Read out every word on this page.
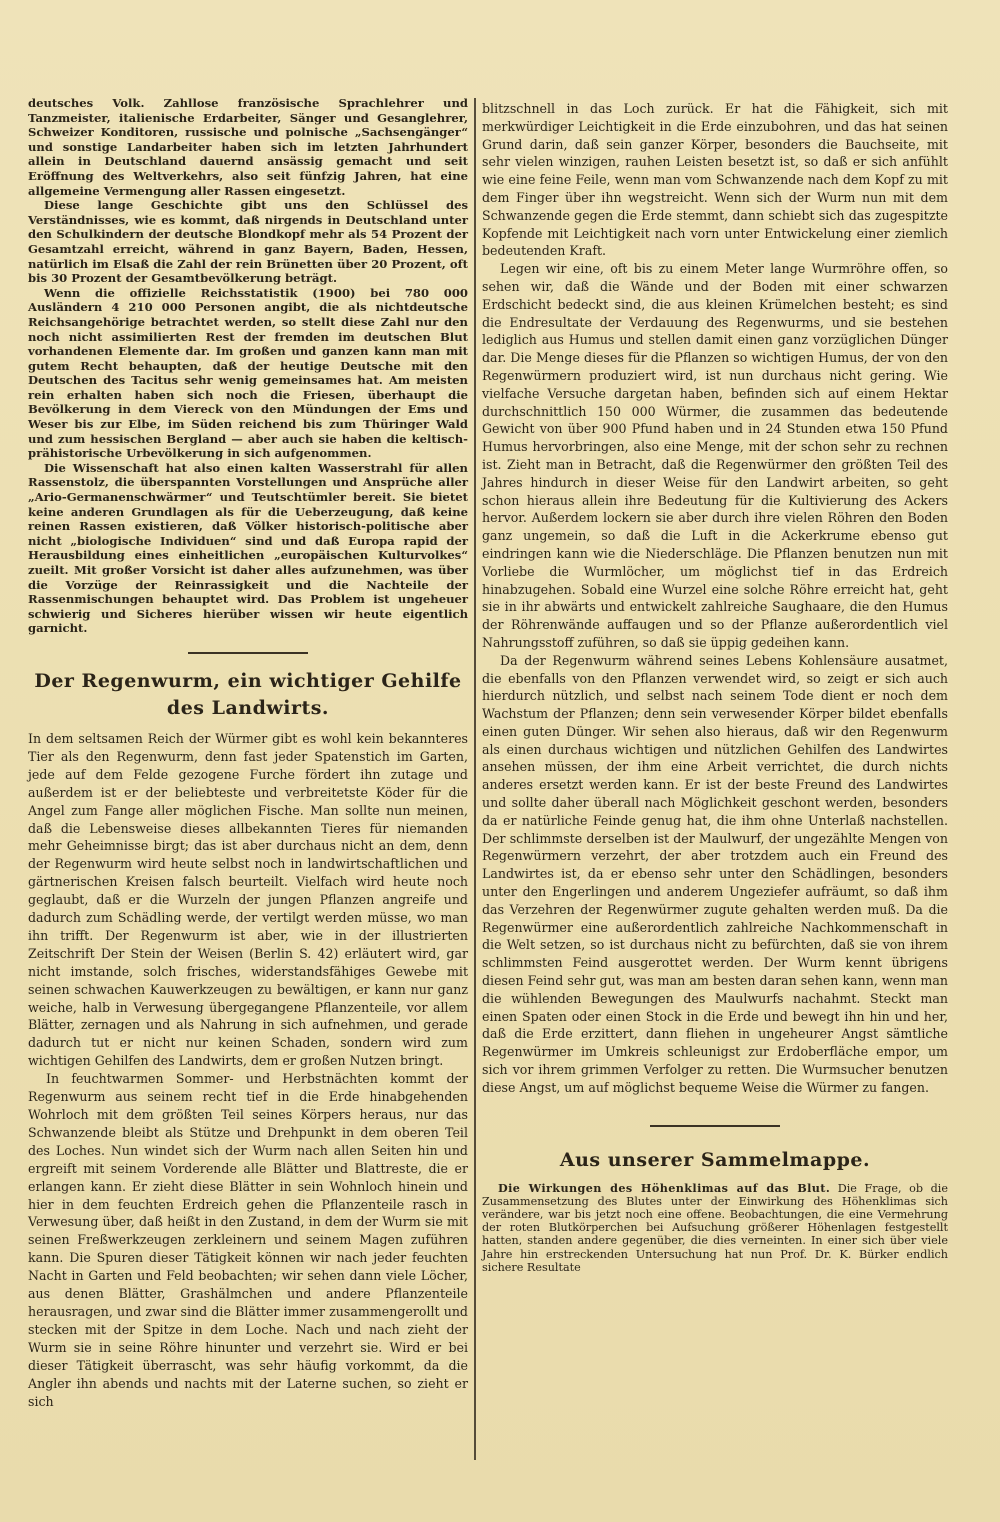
deutsches Volk. Zahllose französische Sprachlehrer und Tanzmeister, italienische Erdarbeiter, Sänger und Gesanglehrer, Schweizer Konditoren, russische und polnische „Sachsengänger“ und sonstige Landarbeiter haben sich im letzten Jahrhundert allein in Deutschland dauernd ansässig gemacht und seit Eröffnung des Weltverkehrs, also seit fünfzig Jahren, hat eine allgemeine Vermengung aller Rassen eingesetzt.

Diese lange Geschichte gibt uns den Schlüssel des Verständnisses, wie es kommt, daß nirgends in Deutschland unter den Schulkindern der deutsche Blondkopf mehr als 54 Prozent der Gesamtzahl erreicht, während in ganz Bayern, Baden, Hessen, natürlich im Elsaß die Zahl der rein Brünetten über 20 Prozent, oft bis 30 Prozent der Gesamtbevölkerung beträgt.

Wenn die offizielle Reichsstatistik (1900) bei 780 000 Ausländern 4 210 000 Personen angibt, die als nichtdeutsche Reichsangehörige betrachtet werden, so stellt diese Zahl nur den noch nicht assimilierten Rest der fremden im deutschen Blut vorhandenen Elemente dar. Im großen und ganzen kann man mit gutem Recht behaupten, daß der heutige Deutsche mit den Deutschen des Tacitus sehr wenig gemeinsames hat. Am meisten rein erhalten haben sich noch die Friesen, überhaupt die Bevölkerung in dem Viereck von den Mündungen der Ems und Weser bis zur Elbe, im Süden reichend bis zum Thüringer Wald und zum hessischen Bergland — aber auch sie haben die keltisch-prähistorische Urbevölkerung in sich aufgenommen.

Die Wissenschaft hat also einen kalten Wasserstrahl für allen Rassenstolz, die überspannten Vorstellungen und Ansprüche aller „Ario-Germanenschwärmer“ und Teutschtümler bereit. Sie bietet keine anderen Grundlagen als für die Ueberzeugung, daß keine reinen Rassen existieren, daß Völker historisch-politische aber nicht „biologische Individuen“ sind und daß Europa rapid der Herausbildung eines einheitlichen „europäischen Kulturvolkes“ zueilt. Mit großer Vorsicht ist daher alles aufzunehmen, was über die Vorzüge der Reinrassigkeit und die Nachteile der Rassenmischungen behauptet wird. Das Problem ist ungeheuer schwierig und Sicheres hierüber wissen wir heute eigentlich garnicht.

Der Regenwurm, ein wichtiger Gehilfe des Landwirts.

In dem seltsamen Reich der Würmer gibt es wohl kein bekannteres Tier als den Regenwurm, denn fast jeder Spatenstich im Garten, jede auf dem Felde gezogene Furche fördert ihn zutage und außerdem ist er der beliebteste und verbreitetste Köder für die Angel zum Fange aller möglichen Fische. Man sollte nun meinen, daß die Lebensweise dieses allbekannten Tieres für niemanden mehr Geheimnisse birgt; das ist aber durchaus nicht an dem, denn der Regenwurm wird heute selbst noch in landwirtschaftlichen und gärtnerischen Kreisen falsch beurteilt. Vielfach wird heute noch geglaubt, daß er die Wurzeln der jungen Pflanzen angreife und dadurch zum Schädling werde, der vertilgt werden müsse, wo man ihn trifft. Der Regenwurm ist aber, wie in der illustrierten Zeitschrift Der Stein der Weisen (Berlin S. 42) erläutert wird, gar nicht imstande, solch frisches, widerstandsfähiges Gewebe mit seinen schwachen Kauwerkzeugen zu bewältigen, er kann nur ganz weiche, halb in Verwesung übergegangene Pflanzenteile, vor allem Blätter, zernagen und als Nahrung in sich aufnehmen, und gerade dadurch tut er nicht nur keinen Schaden, sondern wird zum wichtigen Gehilfen des Landwirts, dem er großen Nutzen bringt.

In feuchtwarmen Sommer- und Herbstnächten kommt der Regenwurm aus seinem recht tief in die Erde hinabgehenden Wohrloch mit dem größten Teil seines Körpers heraus, nur das Schwanzende bleibt als Stütze und Drehpunkt in dem oberen Teil des Loches. Nun windet sich der Wurm nach allen Seiten hin und ergreift mit seinem Vorderende alle Blätter und Blattreste, die er erlangen kann. Er zieht diese Blätter in sein Wohnloch hinein und hier in dem feuchten Erdreich gehen die Pflanzenteile rasch in Verwesung über, daß heißt in den Zustand, in dem der Wurm sie mit seinen Freßwerkzeugen zerkleinern und seinem Magen zuführen kann. Die Spuren dieser Tätigkeit können wir nach jeder feuchten Nacht in Garten und Feld beobachten; wir sehen dann viele Löcher, aus denen Blätter, Grashälmchen und andere Pflanzenteile herausragen, und zwar sind die Blätter immer zusammengerollt und stecken mit der Spitze in dem Loche. Nach und nach zieht der Wurm sie in seine Röhre hinunter und verzehrt sie. Wird er bei dieser Tätigkeit überrascht, was sehr häufig vorkommt, da die Angler ihn abends und nachts mit der Laterne suchen, so zieht er sich

blitzschnell in das Loch zurück. Er hat die Fähigkeit, sich mit merkwürdiger Leichtigkeit in die Erde einzubohren, und das hat seinen Grund darin, daß sein ganzer Körper, besonders die Bauchseite, mit sehr vielen winzigen, rauhen Leisten besetzt ist, so daß er sich anfühlt wie eine feine Feile, wenn man vom Schwanzende nach dem Kopf zu mit dem Finger über ihn wegstreicht. Wenn sich der Wurm nun mit dem Schwanzende gegen die Erde stemmt, dann schiebt sich das zugespitzte Kopfende mit Leichtigkeit nach vorn unter Entwickelung einer ziemlich bedeutenden Kraft.

Legen wir eine, oft bis zu einem Meter lange Wurmröhre offen, so sehen wir, daß die Wände und der Boden mit einer schwarzen Erdschicht bedeckt sind, die aus kleinen Krümelchen besteht; es sind die Endresultate der Verdauung des Regenwurms, und sie bestehen lediglich aus Humus und stellen damit einen ganz vorzüglichen Dünger dar. Die Menge dieses für die Pflanzen so wichtigen Humus, der von den Regenwürmern produziert wird, ist nun durchaus nicht gering. Wie vielfache Versuche dargetan haben, befinden sich auf einem Hektar durchschnittlich 150 000 Würmer, die zusammen das bedeutende Gewicht von über 900 Pfund haben und in 24 Stunden etwa 150 Pfund Humus hervorbringen, also eine Menge, mit der schon sehr zu rechnen ist. Zieht man in Betracht, daß die Regenwürmer den größten Teil des Jahres hindurch in dieser Weise für den Landwirt arbeiten, so geht schon hieraus allein ihre Bedeutung für die Kultivierung des Ackers hervor. Außerdem lockern sie aber durch ihre vielen Röhren den Boden ganz ungemein, so daß die Luft in die Ackerkrume ebenso gut eindringen kann wie die Niederschläge. Die Pflanzen benutzen nun mit Vorliebe die Wurmlöcher, um möglichst tief in das Erdreich hinabzugehen. Sobald eine Wurzel eine solche Röhre erreicht hat, geht sie in ihr abwärts und entwickelt zahlreiche Saughaare, die den Humus der Röhrenwände auffaugen und so der Pflanze außerordentlich viel Nahrungsstoff zuführen, so daß sie üppig gedeihen kann.

Da der Regenwurm während seines Lebens Kohlensäure ausatmet, die ebenfalls von den Pflanzen verwendet wird, so zeigt er sich auch hierdurch nützlich, und selbst nach seinem Tode dient er noch dem Wachstum der Pflanzen; denn sein verwesender Körper bildet ebenfalls einen guten Dünger. Wir sehen also hieraus, daß wir den Regenwurm als einen durchaus wichtigen und nützlichen Gehilfen des Landwirtes ansehen müssen, der ihm eine Arbeit verrichtet, die durch nichts anderes ersetzt werden kann. Er ist der beste Freund des Landwirtes und sollte daher überall nach Möglichkeit geschont werden, besonders da er natürliche Feinde genug hat, die ihm ohne Unterlaß nachstellen. Der schlimmste derselben ist der Maulwurf, der ungezählte Mengen von Regenwürmern verzehrt, der aber trotzdem auch ein Freund des Landwirtes ist, da er ebenso sehr unter den Schädlingen, besonders unter den Engerlingen und anderem Ungeziefer aufräumt, so daß ihm das Verzehren der Regenwürmer zugute gehalten werden muß. Da die Regenwürmer eine außerordentlich zahlreiche Nachkommenschaft in die Welt setzen, so ist durchaus nicht zu befürchten, daß sie von ihrem schlimmsten Feind ausgerottet werden. Der Wurm kennt übrigens diesen Feind sehr gut, was man am besten daran sehen kann, wenn man die wühlenden Bewegungen des Maulwurfs nachahmt. Steckt man einen Spaten oder einen Stock in die Erde und bewegt ihn hin und her, daß die Erde erzittert, dann fliehen in ungeheurer Angst sämtliche Regenwürmer im Umkreis schleunigst zur Erdoberfläche empor, um sich vor ihrem grimmen Verfolger zu retten. Die Wurmsucher benutzen diese Angst, um auf möglichst bequeme Weise die Würmer zu fangen.

Aus unserer Sammelmappe.

Die Wirkungen des Höhenklimas auf das Blut. Die Frage, ob die Zusammensetzung des Blutes unter der Einwirkung des Höhenklimas sich verändere, war bis jetzt noch eine offene. Beobachtungen, die eine Vermehrung der roten Blutkörperchen bei Aufsuchung größerer Höhenlagen festgestellt hatten, standen andere gegenüber, die dies verneinten. In einer sich über viele Jahre hin erstreckenden Untersuchung hat nun Prof. Dr. K. Bürker endlich sichere Resultate
